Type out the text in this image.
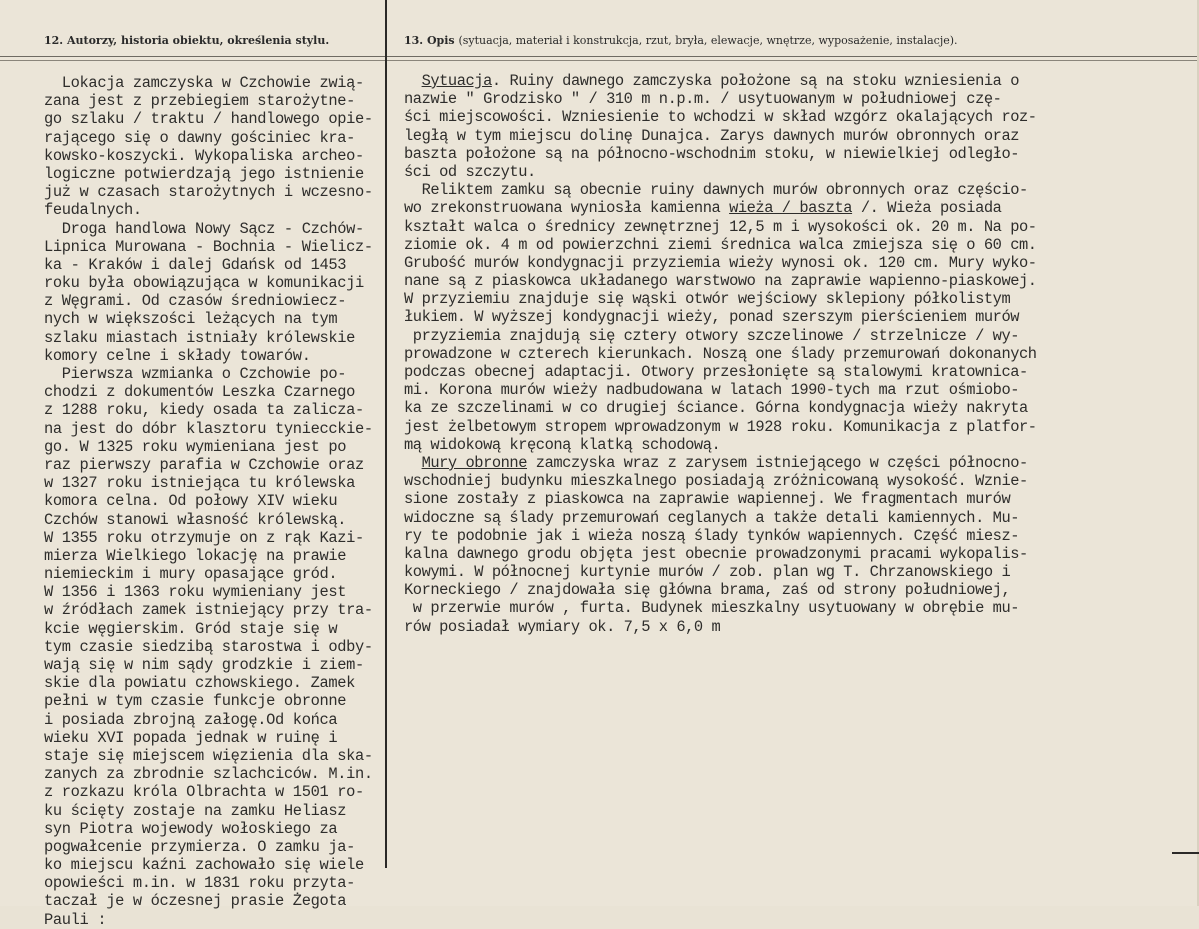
12. Autorzy, historia obiektu, określenia stylu.	13. Opis (sytuacja, materiał i konstrukcja, rzut, bryła, elewacje, wnętrze, wyposażenie, instalacje).
Lokacja zamczyska w Czchowie zwią-
zana jest z przebiegiem starożytne-
go szlaku / traktu / handlowego opie-
rającego się o dawny gościniec kra-
kowsko-koszycki. Wykopaliska archeo-
logiczne potwierdzają jego istnienie
już w czasach starożytnych i wczesno-
feudalnych.
Droga handlowa Nowy Sącz - Czchów-
Lipnica Murowana - Bochnia - Wielicz-
ka - Kraków i dalej Gdańsk od 1453
roku była obowiązująca w komunikacji
z Węgrami. Od czasów średniowiecz-
nych w większości leżących na tym
szlaku miastach istniały królewskie
komory celne i składy towarów.
Pierwsza wzmianka o Czchowie po-
chodzi z dokumentów Leszka Czarnego
z 1288 roku, kiedy osada ta zalicza-
na jest do dóbr klasztoru tyniecckie-
go. W 1325 roku wymieniana jest po
raz pierwszy parafia w Czchowie oraz
w 1327 roku istniejąca tu królewska
komora celna. Od połowy XIV wieku
Czchów stanowi własność królewską.
W 1355 roku otrzymuje on z rąk Kazi-
mierza Wielkiego lokację na prawie
niemieckim i mury opasające gród.
W 1356 i 1363 roku wymieniany jest
w źródłach zamek istniejący przy tra-
kcie węgierskim. Gród staje się w
tym czasie siedzibą starostwa i odby-
wają się w nim sądy grodzkie i ziem-
skie dla powiatu czhowskiego. Zamek
pełni w tym czasie funkcje obronne
i posiada zbrojną załogę.Od końca
wieku XVI popada jednak w ruinę i
staje się miejscem więzienia dla ska-
zanych za zbrodnie szlachciców. M.in.
z rozkazu króla Olbrachta w 1501 ro-
ku ścięty zostaje na zamku Heliasz
syn Piotra wojewody wołoskiego za
pogwałcenie przymierza. O zamku ja-
ko miejscu kaźni zachowało się wiele
opowieści m.in. w 1831 roku przyta-
taczał je w óczesnej prasie Żegota
Pauli :
Sytuacja. Ruiny dawnego zamczyska położone są na stoku wzniesienia o
nazwie " Grodzisko " / 310 m n.p.m. / usytuowanym w południowej czę-
ści miejscowości. Wzniesienie to wchodzi w skład wzgórz okalających roz-
ległą w tym miejscu dolinę Dunajca. Zarys dawnych murów obronnych oraz
baszta położone są na północno-wschodnim stoku, w niewielkiej odległo-
ści od szczytu.
Reliktem zamku są obecnie ruiny dawnych murów obronnych oraz częścio-
wo zrekonstruowana wyniosła kamienna wieża / baszta /. Wieża posiada
kształt walca o średnicy zewnętrznej 12,5 m i wysokości ok. 20 m. Na po-
ziomie ok. 4 m od powierzchni ziemi średnica walca zmiejsza się o 60 cm.
Grubość murów kondygnacji przyziemia wieży wynosi ok. 120 cm. Mury wyko-
nane są z piaskowca układanego warstwowo na zaprawie wapienno-piaskowej.
W przyziemiu znajduje się wąski otwór wejściowy sklepiony półkolistym
łukiem. W wyższej kondygnacji wieży, ponad szerszym pierścieniem murów
przyziemia znajdują się cztery otwory szczelinowe / strzelnicze / wy-
prowadzone w czterech kierunkach. Noszą one ślady przemurowań dokonanych
podczas obecnej adaptacji. Otwory przesłonięte są stalowymi kratownica-
mi. Korona murów wieży nadbudowana w latach 1990-tych ma rzut ośmiobo-
ka ze szczelinami w co drugiej ściance. Górna kondygnacja wieży nakryta
jest żelbetowym stropem wprowadzonym w 1928 roku. Komunikacja z platfor-
mą widokową kręconą klatką schodową.
Mury obronne zamczyska wraz z zarysem istniejącego w części północno-
wschodniej budynku mieszkalnego posiadają zróżnicowaną wysokość. Wznie-
sione zostały z piaskowca na zaprawie wapiennej. We fragmentach murów
widoczne są ślady przemurowań ceglanych a także detali kamiennych. Mu-
ry te podobnie jak i wieża noszą ślady tynków wapiennych. Część miesz-
kalna dawnego grodu objęta jest obecnie prowadzonymi pracami wykopalis-
kowymi. W północnej kurtynie murów / zob. plan wg T. Chrzanowskiego i
Korneckiego / znajdowała się główna brama, zaś od strony południowej,
w przerwie murów , furta. Budynek mieszkalny usytuowany w obrębie mu-
rów posiadał wymiary ok. 7,5 x 6,0 m
